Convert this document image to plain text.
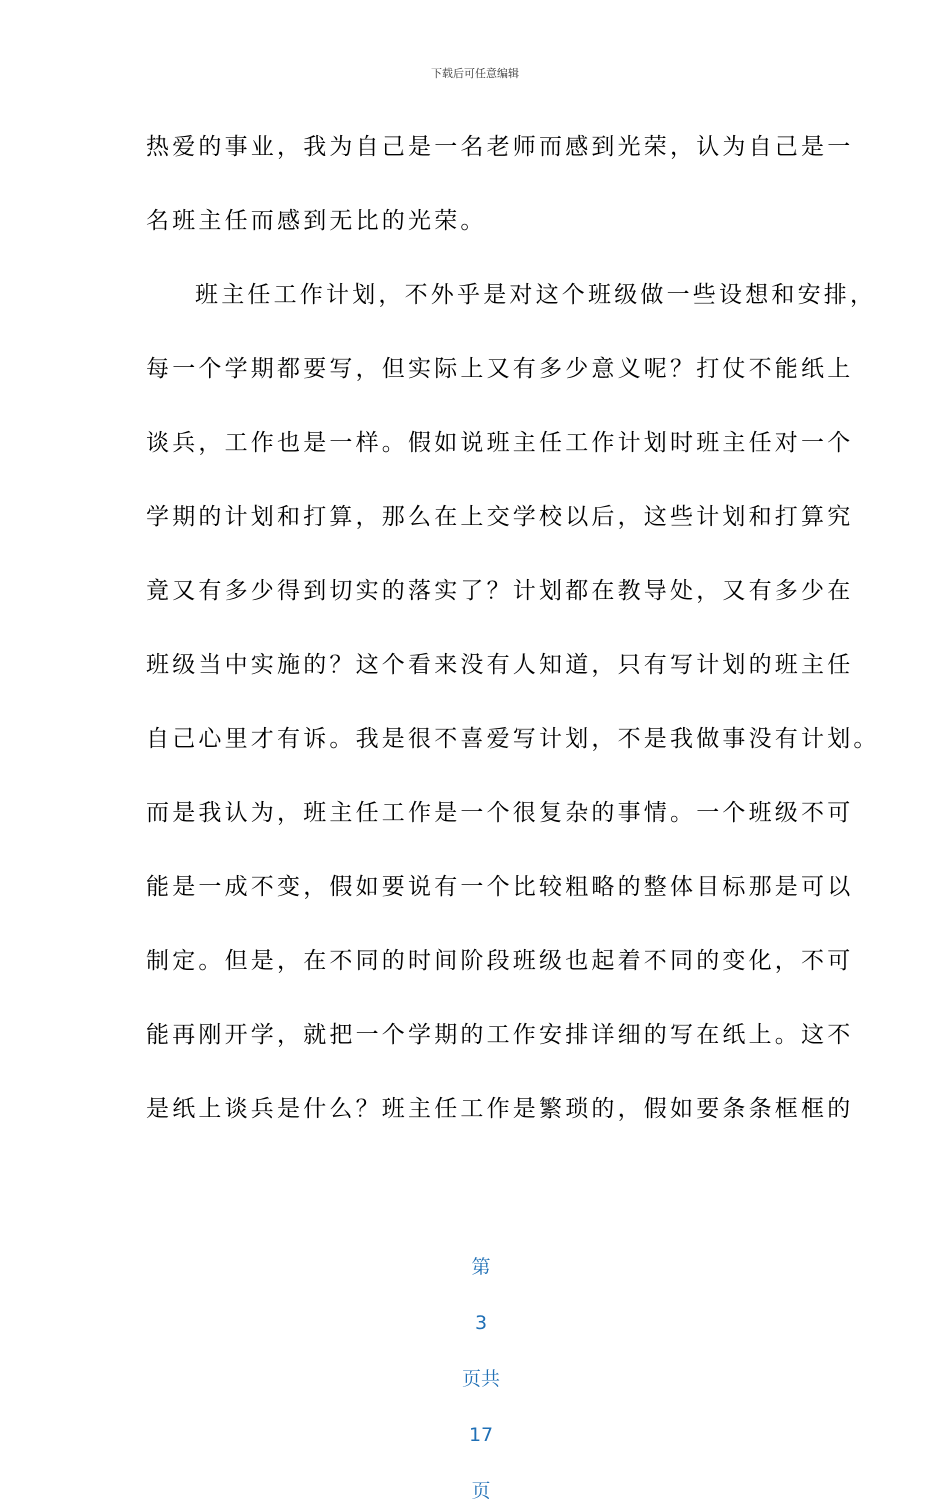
下载后可任意编辑
热爱的事业，我为自己是一名老师而感到光荣，认为自己是一
名班主任而感到无比的光荣。
班主任工作计划，不外乎是对这个班级做一些设想和安排，
每一个学期都要写，但实际上又有多少意义呢？打仗不能纸上
谈兵，工作也是一样。假如说班主任工作计划时班主任对一个
学期的计划和打算，那么在上交学校以后，这些计划和打算究
竟又有多少得到切实的落实了？计划都在教导处，又有多少在
班级当中实施的？这个看来没有人知道，只有写计划的班主任
自己心里才有诉。我是很不喜爱写计划，不是我做事没有计划。
而是我认为，班主任工作是一个很复杂的事情。一个班级不可
能是一成不变，假如要说有一个比较粗略的整体目标那是可以
制定。但是，在不同的时间阶段班级也起着不同的变化，不可
能再刚开学，就把一个学期的工作安排详细的写在纸上。这不
是纸上谈兵是什么？班主任工作是繁琐的，假如要条条框框的

第

3

页共

17

页
